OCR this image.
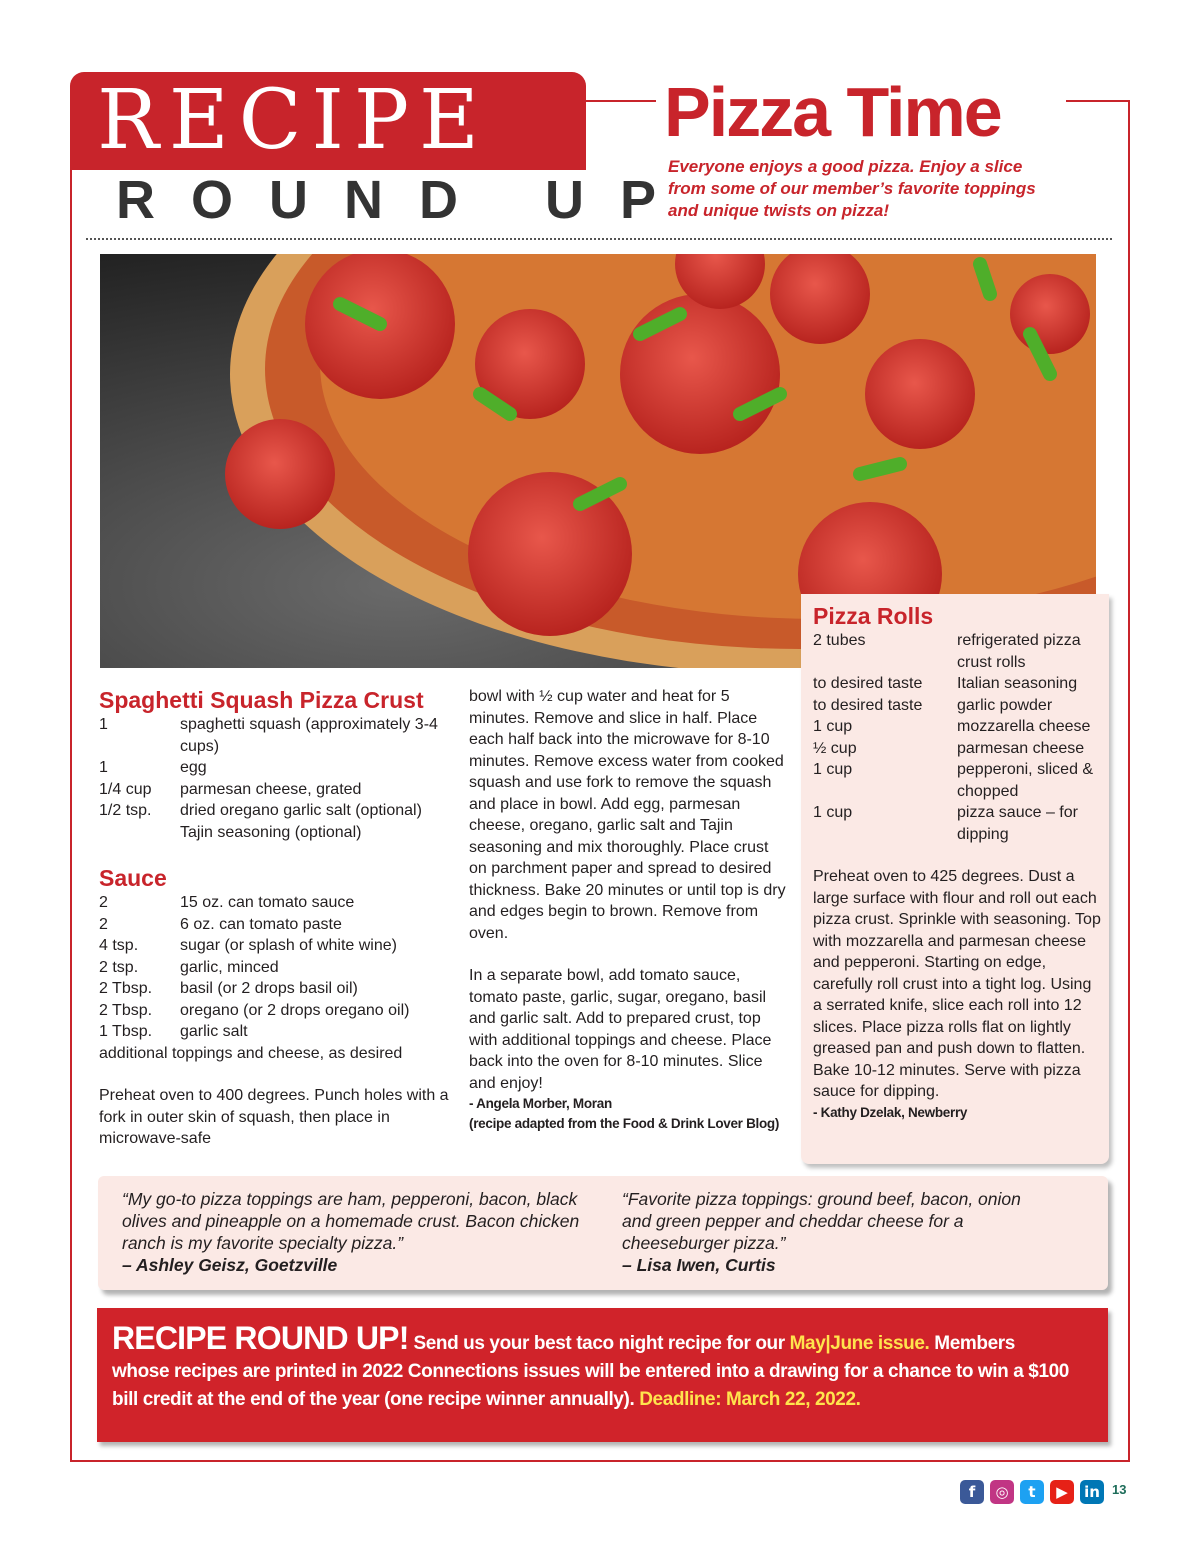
RECIPE
ROUND UP
Pizza Time
Everyone enjoys a good pizza. Enjoy a slice from some of our member’s favorite toppings and unique twists on pizza!
Spaghetti Squash Pizza Crust
1	spaghetti squash (approximately 3-4 cups)
1	egg
1/4 cup	parmesan cheese, grated
1/2 tsp.	dried oregano garlic salt (optional)
Tajin seasoning (optional)
Sauce
2	15 oz. can tomato sauce
2	6 oz. can tomato paste
4 tsp.	sugar (or splash of white wine)
2 tsp.	garlic, minced
2 Tbsp.	basil (or 2 drops basil oil)
2 Tbsp.	oregano (or 2 drops oregano oil)
1 Tbsp.	garlic salt
additional toppings and cheese, as desired
Preheat oven to 400 degrees. Punch holes with a fork in outer skin of squash, then place in microwave-safe
bowl with ½ cup water and heat for 5 minutes. Remove and slice in half. Place each half back into the microwave for 8-10 minutes. Remove excess water from cooked squash and use fork to remove the squash and place in bowl. Add egg, parmesan cheese, oregano, garlic salt and Tajin seasoning and mix thoroughly. Place crust on parchment paper and spread to desired thickness. Bake 20 minutes or until top is dry and edges begin to brown. Remove from oven.
In a separate bowl, add tomato sauce, tomato paste, garlic, sugar, oregano, basil and garlic salt. Add to prepared crust, top with additional toppings and cheese. Place back into the oven for 8-10 minutes. Slice and enjoy!
- Angela Morber, Moran
(recipe adapted from the Food & Drink Lover Blog)
Pizza Rolls
2 tubes	refrigerated pizza crust rolls
to desired taste	Italian seasoning
to desired taste	garlic powder
1 cup	mozzarella cheese
½ cup	parmesan cheese
1 cup	pepperoni, sliced & chopped
1 cup	pizza sauce – for dipping
Preheat oven to 425 degrees. Dust a large surface with flour and roll out each pizza crust. Sprinkle with seasoning. Top with mozzarella and parmesan cheese and pepperoni. Starting on edge, carefully roll crust into a tight log. Using a serrated knife, slice each roll into 12 slices. Place pizza rolls flat on lightly greased pan and push down to flatten. Bake 10-12 minutes. Serve with pizza sauce for dipping.
- Kathy Dzelak, Newberry
“My go-to pizza toppings are ham, pepperoni, bacon, black olives and pineapple on a homemade crust. Bacon chicken ranch is my favorite specialty pizza.”
– Ashley Geisz, Goetzville
“Favorite pizza toppings: ground beef, bacon, onion and green pepper and cheddar cheese for a cheeseburger pizza.”
– Lisa Iwen, Curtis
RECIPE ROUND UP! Send us your best taco night recipe for our May|June issue. Members whose recipes are printed in 2022 Connections issues will be entered into a drawing for a chance to win a $100 bill credit at the end of the year (one recipe winner annually). Deadline: March 22, 2022.
f	◎	t	▶	in 13
